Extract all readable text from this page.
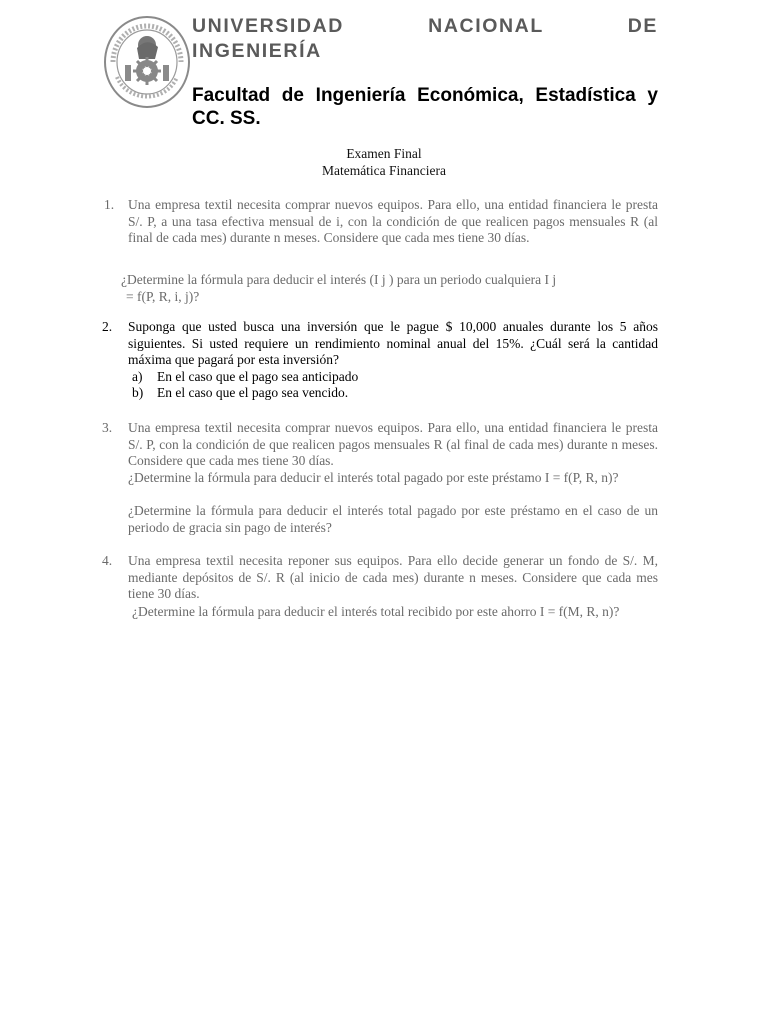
UNIVERSIDAD NACIONAL DE
INGENIERÍA
Facultad de Ingeniería Económica, Estadística y CC. SS.
Examen Final
Matemática Financiera
1. Una empresa textil necesita comprar nuevos equipos. Para ello, una entidad financiera le presta S/. P, a una tasa efectiva mensual de i, con la condición de que realicen pagos mensuales R (al final de cada mes) durante n meses. Considere que cada mes tiene 30 días.
¿Determine la fórmula para deducir el interés (I j ) para un periodo cualquiera I j
= f(P, R, i, j)?
2. Suponga que usted busca una inversión que le pague $ 10,000 anuales durante los 5 años siguientes. Si usted requiere un rendimiento nominal anual del 15%. ¿Cuál será la cantidad máxima que pagará por esta inversión?
a) En el caso que el pago sea anticipado
b) En el caso que el pago sea vencido.
3. Una empresa textil necesita comprar nuevos equipos. Para ello, una entidad financiera le presta S/. P, con la condición de que realicen pagos mensuales R (al final de cada mes) durante n meses. Considere que cada mes tiene 30 días.
¿Determine la fórmula para deducir el interés total pagado por este préstamo I = f(P, R, n)?
¿Determine la fórmula para deducir el interés total pagado por este préstamo en el caso de un periodo de gracia sin pago de interés?
4. Una empresa textil necesita reponer sus equipos. Para ello decide generar un fondo de S/. M, mediante depósitos de S/. R (al inicio de cada mes) durante n meses. Considere que cada mes tiene 30 días.
¿Determine la fórmula para deducir el interés total recibido por este ahorro I = f(M, R, n)?
